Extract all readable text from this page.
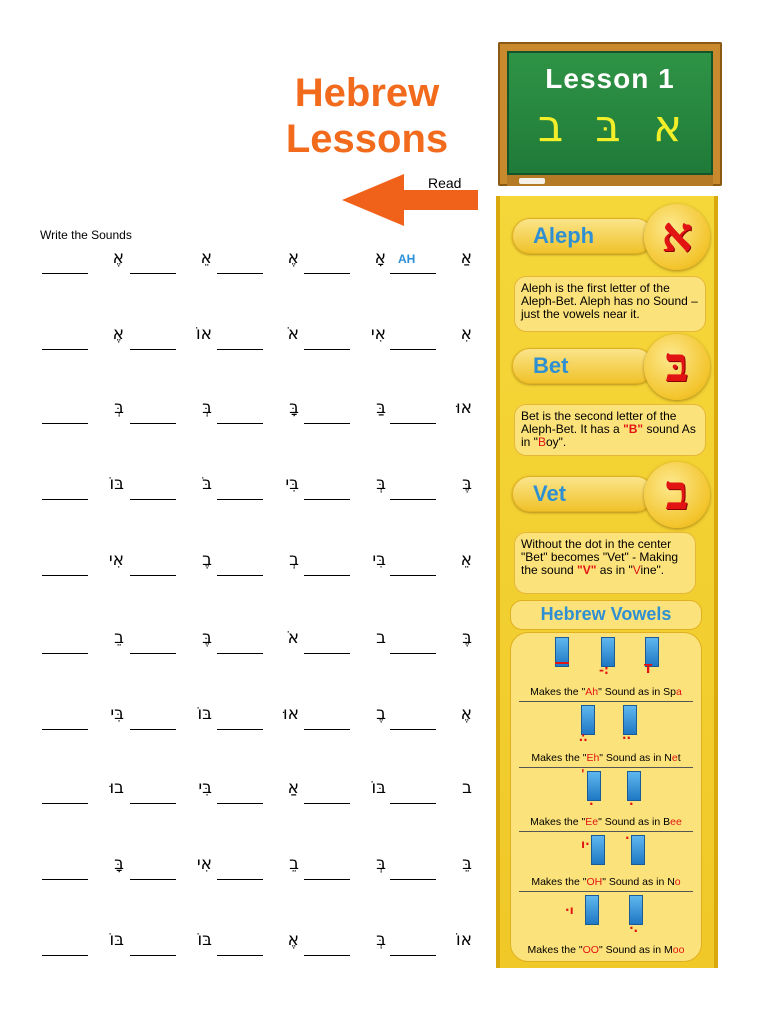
Hebrew
Lessons
Read
Lesson 1
א בּ ב
Write the Sounds
אֶ	אֵ	אֶ	אָ AH	אַ
אֶ	אוֹ	אֹ	אִי	אִ
בְּ	בְּ	בָּ	בַּ	אוּ
בּוֹ	בֹּ	בִּי	בְּ	בֶּ
אִי	בֶ	בְ	בִּי	אֵ
בֵ	בֶּ	אֹ	ב	בֶּ
בִּי	בּוֹ	אוּ	בֶ	אֶ
בוּ	בִּי	אַ	בּוֹ	ב
בָּ	אִי	בֵ	בְּ	בֵּ
בּוֹ	בּוֹ	אֶ	בְּ	אוֹ
Aleph	א
Aleph is the first letter of the Aleph-Bet. Aleph has no Sound – just the vowels near it.
Bet	בּ
Bet is the second letter of the Aleph-Bet. It has a "B" sound As in "Boy".
Vet	ב
Without the dot in the center "Bet" becomes "Vet" - Making the sound "V" as in "Vine".
Hebrew Vowels
-:	T
Makes the "Ah" Sound as in Spa
∴	··
Makes the "Eh" Sound as in Net
'
·	·
Makes the "Ee" Sound as in Bee
ו·	·
Makes the "OH" Sound as in No
·ו
∙.
Makes the "OO" Sound as in Moo
